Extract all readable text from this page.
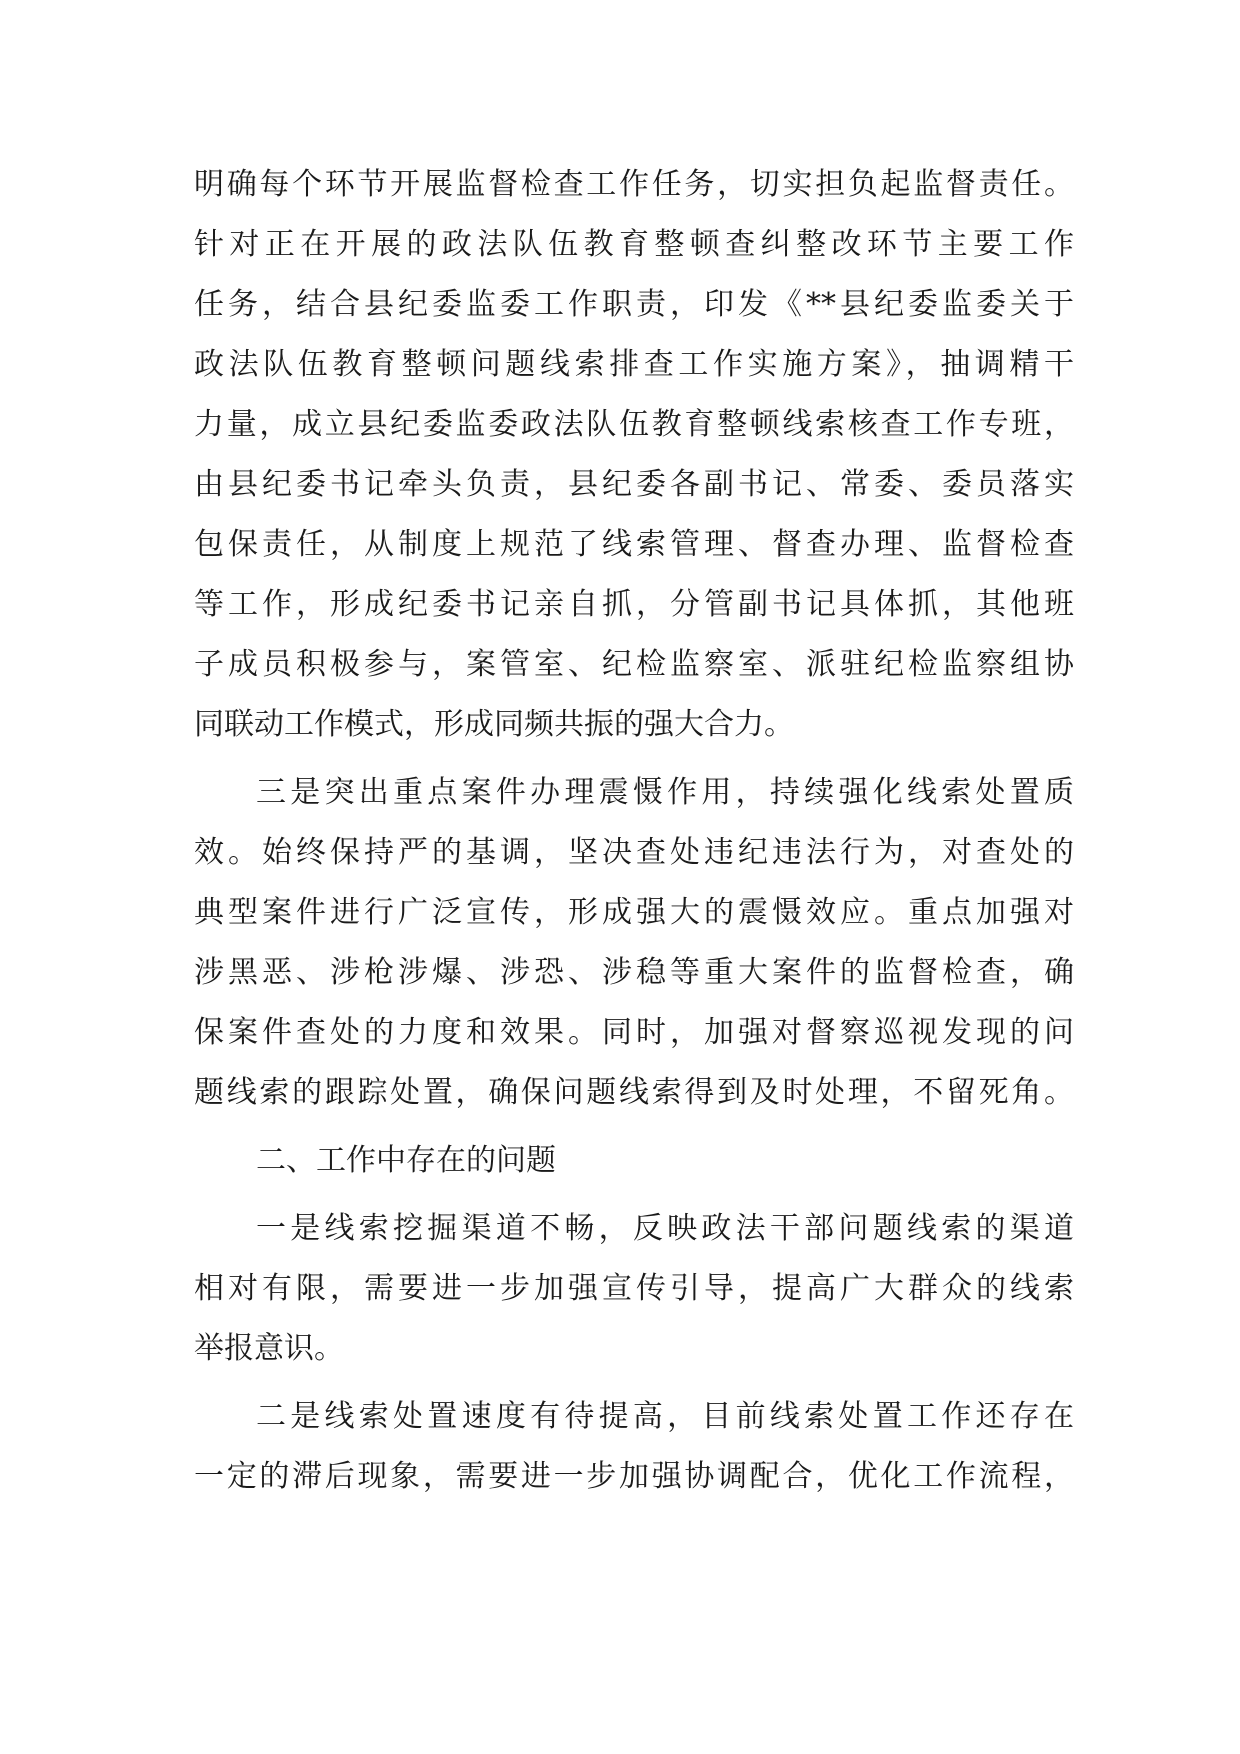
明确每个环节开展监督检查工作任务，切实担负起监督责任。
针对正在开展的政法队伍教育整顿查纠整改环节主要工作
任务，结合县纪委监委工作职责，印发《**县纪委监委关于
政法队伍教育整顿问题线索排查工作实施方案》，抽调精干
力量，成立县纪委监委政法队伍教育整顿线索核查工作专班，
由县纪委书记牵头负责，县纪委各副书记、常委、委员落实
包保责任，从制度上规范了线索管理、督查办理、监督检查
等工作，形成纪委书记亲自抓，分管副书记具体抓，其他班
子成员积极参与，案管室、纪检监察室、派驻纪检监察组协
同联动工作模式，形成同频共振的强大合力。
三是突出重点案件办理震慑作用，持续强化线索处置质
效。始终保持严的基调，坚决查处违纪违法行为，对查处的
典型案件进行广泛宣传，形成强大的震慑效应。重点加强对
涉黑恶、涉枪涉爆、涉恐、涉稳等重大案件的监督检查，确
保案件查处的力度和效果。同时，加强对督察巡视发现的问
题线索的跟踪处置，确保问题线索得到及时处理，不留死角。
二、工作中存在的问题
一是线索挖掘渠道不畅，反映政法干部问题线索的渠道
相对有限，需要进一步加强宣传引导，提高广大群众的线索
举报意识。
二是线索处置速度有待提高，目前线索处置工作还存在
一定的滞后现象，需要进一步加强协调配合，优化工作流程，
